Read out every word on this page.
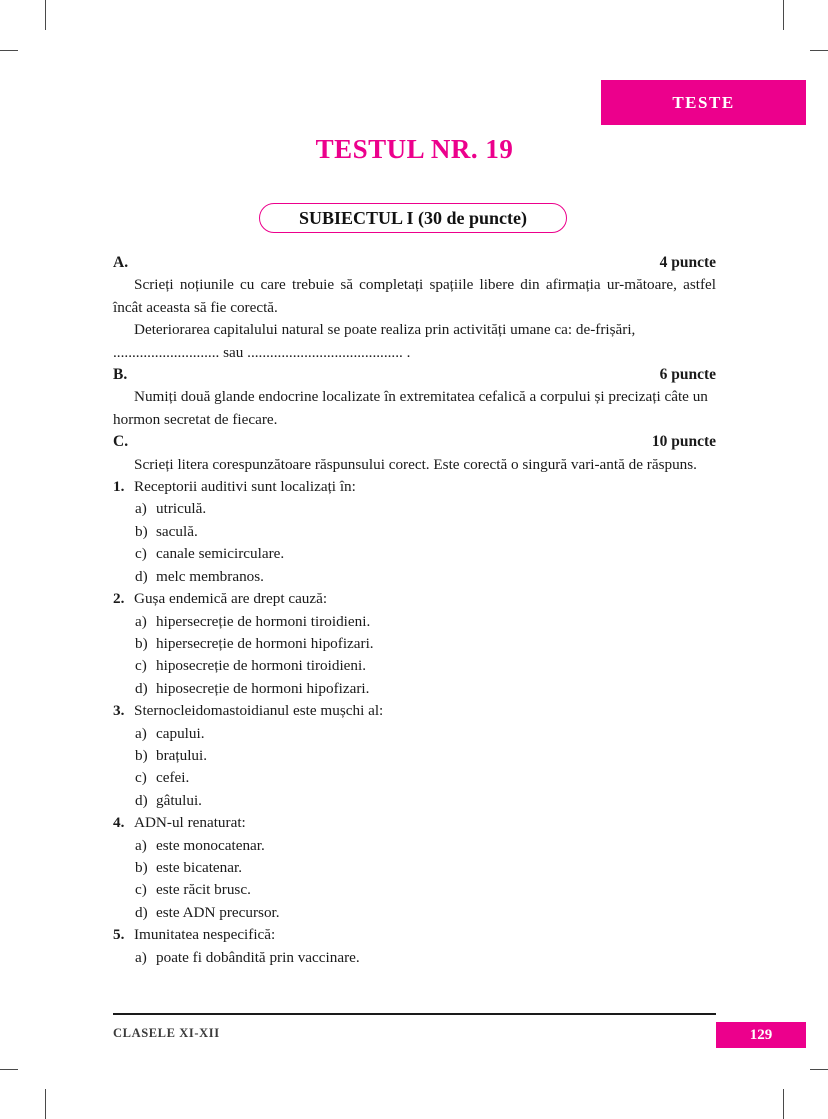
TESTE
TESTUL NR. 19
SUBIECTUL I (30 de puncte)
A.	4 puncte

Scrieți noțiunile cu care trebuie să completați spațiile libere din afirmația ur-mătoare, astfel încât aceasta să fie corectă.

Deteriorarea capitalului natural se poate realiza prin activități umane ca: de-frișări, ............................ sau ......................................... .

B.	6 puncte

Numiți două glande endocrine localizate în extremitatea cefalică a corpului și precizați câte un hormon secretat de fiecare.

C.	10 puncte

Scrieți litera corespunzătoare răspunsului corect. Este corectă o singură vari-antă de răspuns.

1. Receptorii auditivi sunt localizați în:
a) utriculă.
b) saculă.
c) canale semicirculare.
d) melc membranos.
2. Gușa endemică are drept cauză:
a) hipersecreție de hormoni tiroidieni.
b) hipersecreție de hormoni hipofizari.
c) hiposecreție de hormoni tiroidieni.
d) hiposecreție de hormoni hipofizari.
3. Sternocleidomastoidianul este mușchi al:
a) capului.
b) brațului.
c) cefei.
d) gâtului.
4. ADN-ul renaturat:
a) este monocatenar.
b) este bicatenar.
c) este răcit brusc.
d) este ADN precursor.
5. Imunitatea nespecifică:
a) poate fi dobândită prin vaccinare.
CLASELE XI-XII	129
